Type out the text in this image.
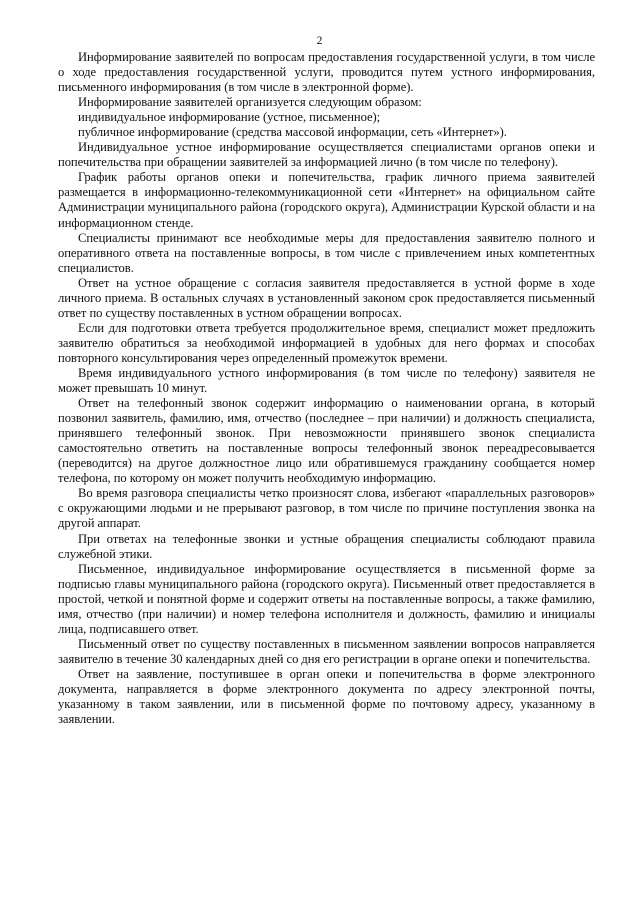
2

Информирование заявителей по вопросам предоставления государственной услуги, в том числе о ходе предоставления государственной услуги, проводится путем устного информирования, письменного информирования (в том числе в электронной форме).

Информирование заявителей организуется следующим образом:

индивидуальное информирование (устное, письменное);

публичное информирование (средства массовой информации, сеть «Интернет»).

Индивидуальное устное информирование осуществляется специалистами органов опеки и попечительства при обращении заявителей за информацией лично (в том числе по телефону).

График работы органов опеки и попечительства, график личного приема заявителей размещается в информационно-телекоммуникационной сети «Интернет» на официальном сайте Администрации муниципального района (городского округа), Администрации Курской области и на информационном стенде.

Специалисты принимают все необходимые меры для предоставления заявителю полного и оперативного ответа на поставленные вопросы, в том числе с привлечением иных компетентных специалистов.

Ответ на устное обращение с согласия заявителя предоставляется в устной форме в ходе личного приема. В остальных случаях в установленный законом срок предоставляется письменный ответ по существу поставленных в устном обращении вопросах.

Если для подготовки ответа требуется продолжительное время, специалист может предложить заявителю обратиться за необходимой информацией в удобных для него формах и способах повторного консультирования через определенный промежуток времени.

Время индивидуального устного информирования (в том числе по телефону) заявителя не может превышать 10 минут.

Ответ на телефонный звонок содержит информацию о наименовании органа, в который позвонил заявитель, фамилию, имя, отчество (последнее – при наличии) и должность специалиста, принявшего телефонный звонок. При невозможности принявшего звонок специалиста самостоятельно ответить на поставленные вопросы телефонный звонок переадресовывается (переводится) на другое должностное лицо или обратившемуся гражданину сообщается номер телефона, по которому он может получить необходимую информацию.

Во время разговора специалисты четко произносят слова, избегают «параллельных разговоров» с окружающими людьми и не прерывают разговор, в том числе по причине поступления звонка на другой аппарат.

При ответах на телефонные звонки и устные обращения специалисты соблюдают правила служебной этики.

Письменное, индивидуальное информирование осуществляется в письменной форме за подписью главы муниципального района (городского округа). Письменный ответ предоставляется в простой, четкой и понятной форме и содержит ответы на поставленные вопросы, а также фамилию, имя, отчество (при наличии) и номер телефона исполнителя и должность, фамилию и инициалы лица, подписавшего ответ.

Письменный ответ по существу поставленных в письменном заявлении вопросов направляется заявителю в течение 30 календарных дней со дня его регистрации в органе опеки и попечительства.

Ответ на заявление, поступившее в орган опеки и попечительства в форме электронного документа, направляется в форме электронного документа по адресу электронной почты, указанному в таком заявлении, или в письменной форме по почтовому адресу, указанному в заявлении.
